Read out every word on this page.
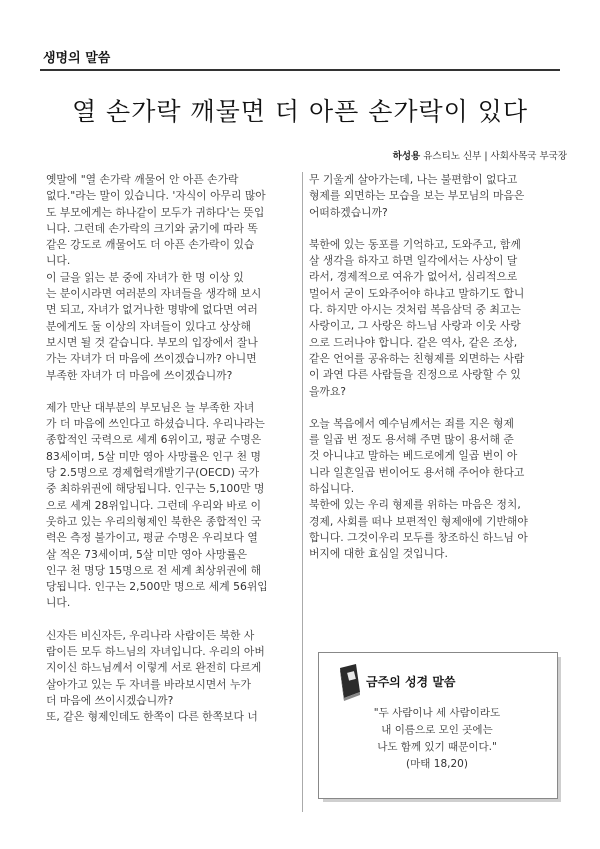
생명의 말씀
열 손가락 깨물면 더 아픈 손가락이 있다
하성용 유스티노 신부 | 사회사목국 부국장

옛말에 "열 손가락 깨물어 안 아픈 손가락
없다."라는 말이 있습니다. '자식이 아무리 많아
도 부모에게는 하나같이 모두가 귀하다'는 뜻입
니다. 그런데 손가락의 크기와 굵기에 따라 똑
같은 강도로 깨물어도 더 아픈 손가락이 있습
니다.
이 글을 읽는 분 중에 자녀가 한 명 이상 있
는 분이시라면 여러분의 자녀들을 생각해 보시
면 되고, 자녀가 없거나한 명밖에 없다면 여러
분에게도 둘 이상의 자녀들이 있다고 상상해
보시면 될 것 같습니다. 부모의 입장에서 잘나
가는 자녀가 더 마음에 쓰이겠습니까? 아니면
부족한 자녀가 더 마음에 쓰이겠습니까?

제가 만난 대부분의 부모님은 늘 부족한 자녀
가 더 마음에 쓰인다고 하셨습니다. 우리나라는
종합적인 국력으로 세계 6위이고, 평균 수명은
83세이며, 5살 미만 영아 사망률은 인구 천 명
당 2.5명으로 경제협력개발기구(OECD) 국가
중 최하위권에 해당됩니다. 인구는 5,100만 명
으로 세계 28위입니다. 그런데 우리와 바로 이
웃하고 있는 우리의형제인 북한은 종합적인 국
력은 측정 불가이고, 평균 수명은 우리보다 열
살 적은 73세이며, 5살 미만 영아 사망률은
인구 천 명당 15명으로 전 세계 최상위권에 해
당됩니다. 인구는 2,500만 명으로 세계 56위입
니다.

신자든 비신자든, 우리나라 사람이든 북한 사
람이든 모두 하느님의 자녀입니다. 우리의 아버
지이신 하느님께서 이렇게 서로 완전히 다르게
살아가고 있는 두 자녀를 바라보시면서 누가
더 마음에 쓰이시겠습니까?
또, 같은 형제인데도 한쪽이 다른 한쪽보다 너

무 기울게 살아가는데, 나는 불편함이 없다고
형제를 외면하는 모습을 보는 부모님의 마음은
어떠하겠습니까?

북한에 있는 동포를 기억하고, 도와주고, 함께
살 생각을 하자고 하면 일각에서는 사상이 달
라서, 경제적으로 여유가 없어서, 심리적으로
멀어서 굳이 도와주어야 하냐고 말하기도 합니
다. 하지만 아시는 것처럼 복음삼덕 중 최고는
사랑이고, 그 사랑은 하느님 사랑과 이웃 사랑
으로 드러나야 합니다. 같은 역사, 같은 조상,
같은 언어를 공유하는 친형제를 외면하는 사람
이 과연 다른 사람들을 진정으로 사랑할 수 있
을까요?

오늘 복음에서 예수님께서는 죄를 지은 형제
를 일곱 번 정도 용서해 주면 많이 용서해 준
것 아니냐고 말하는 베드로에게 일곱 번이 아
니라 일흔일곱 번이어도 용서해 주어야 한다고
하십니다.
북한에 있는 우리 형제를 위하는 마음은 정치,
경제, 사회를 떠나 보편적인 형제애에 기반해야
합니다. 그것이우리 모두를 창조하신 하느님 아
버지에 대한 효심일 것입니다.

금주의 성경 말씀
"두 사람이나 세 사람이라도
내 이름으로 모인 곳에는
나도 함께 있기 때문이다."
(마태 18,20)
